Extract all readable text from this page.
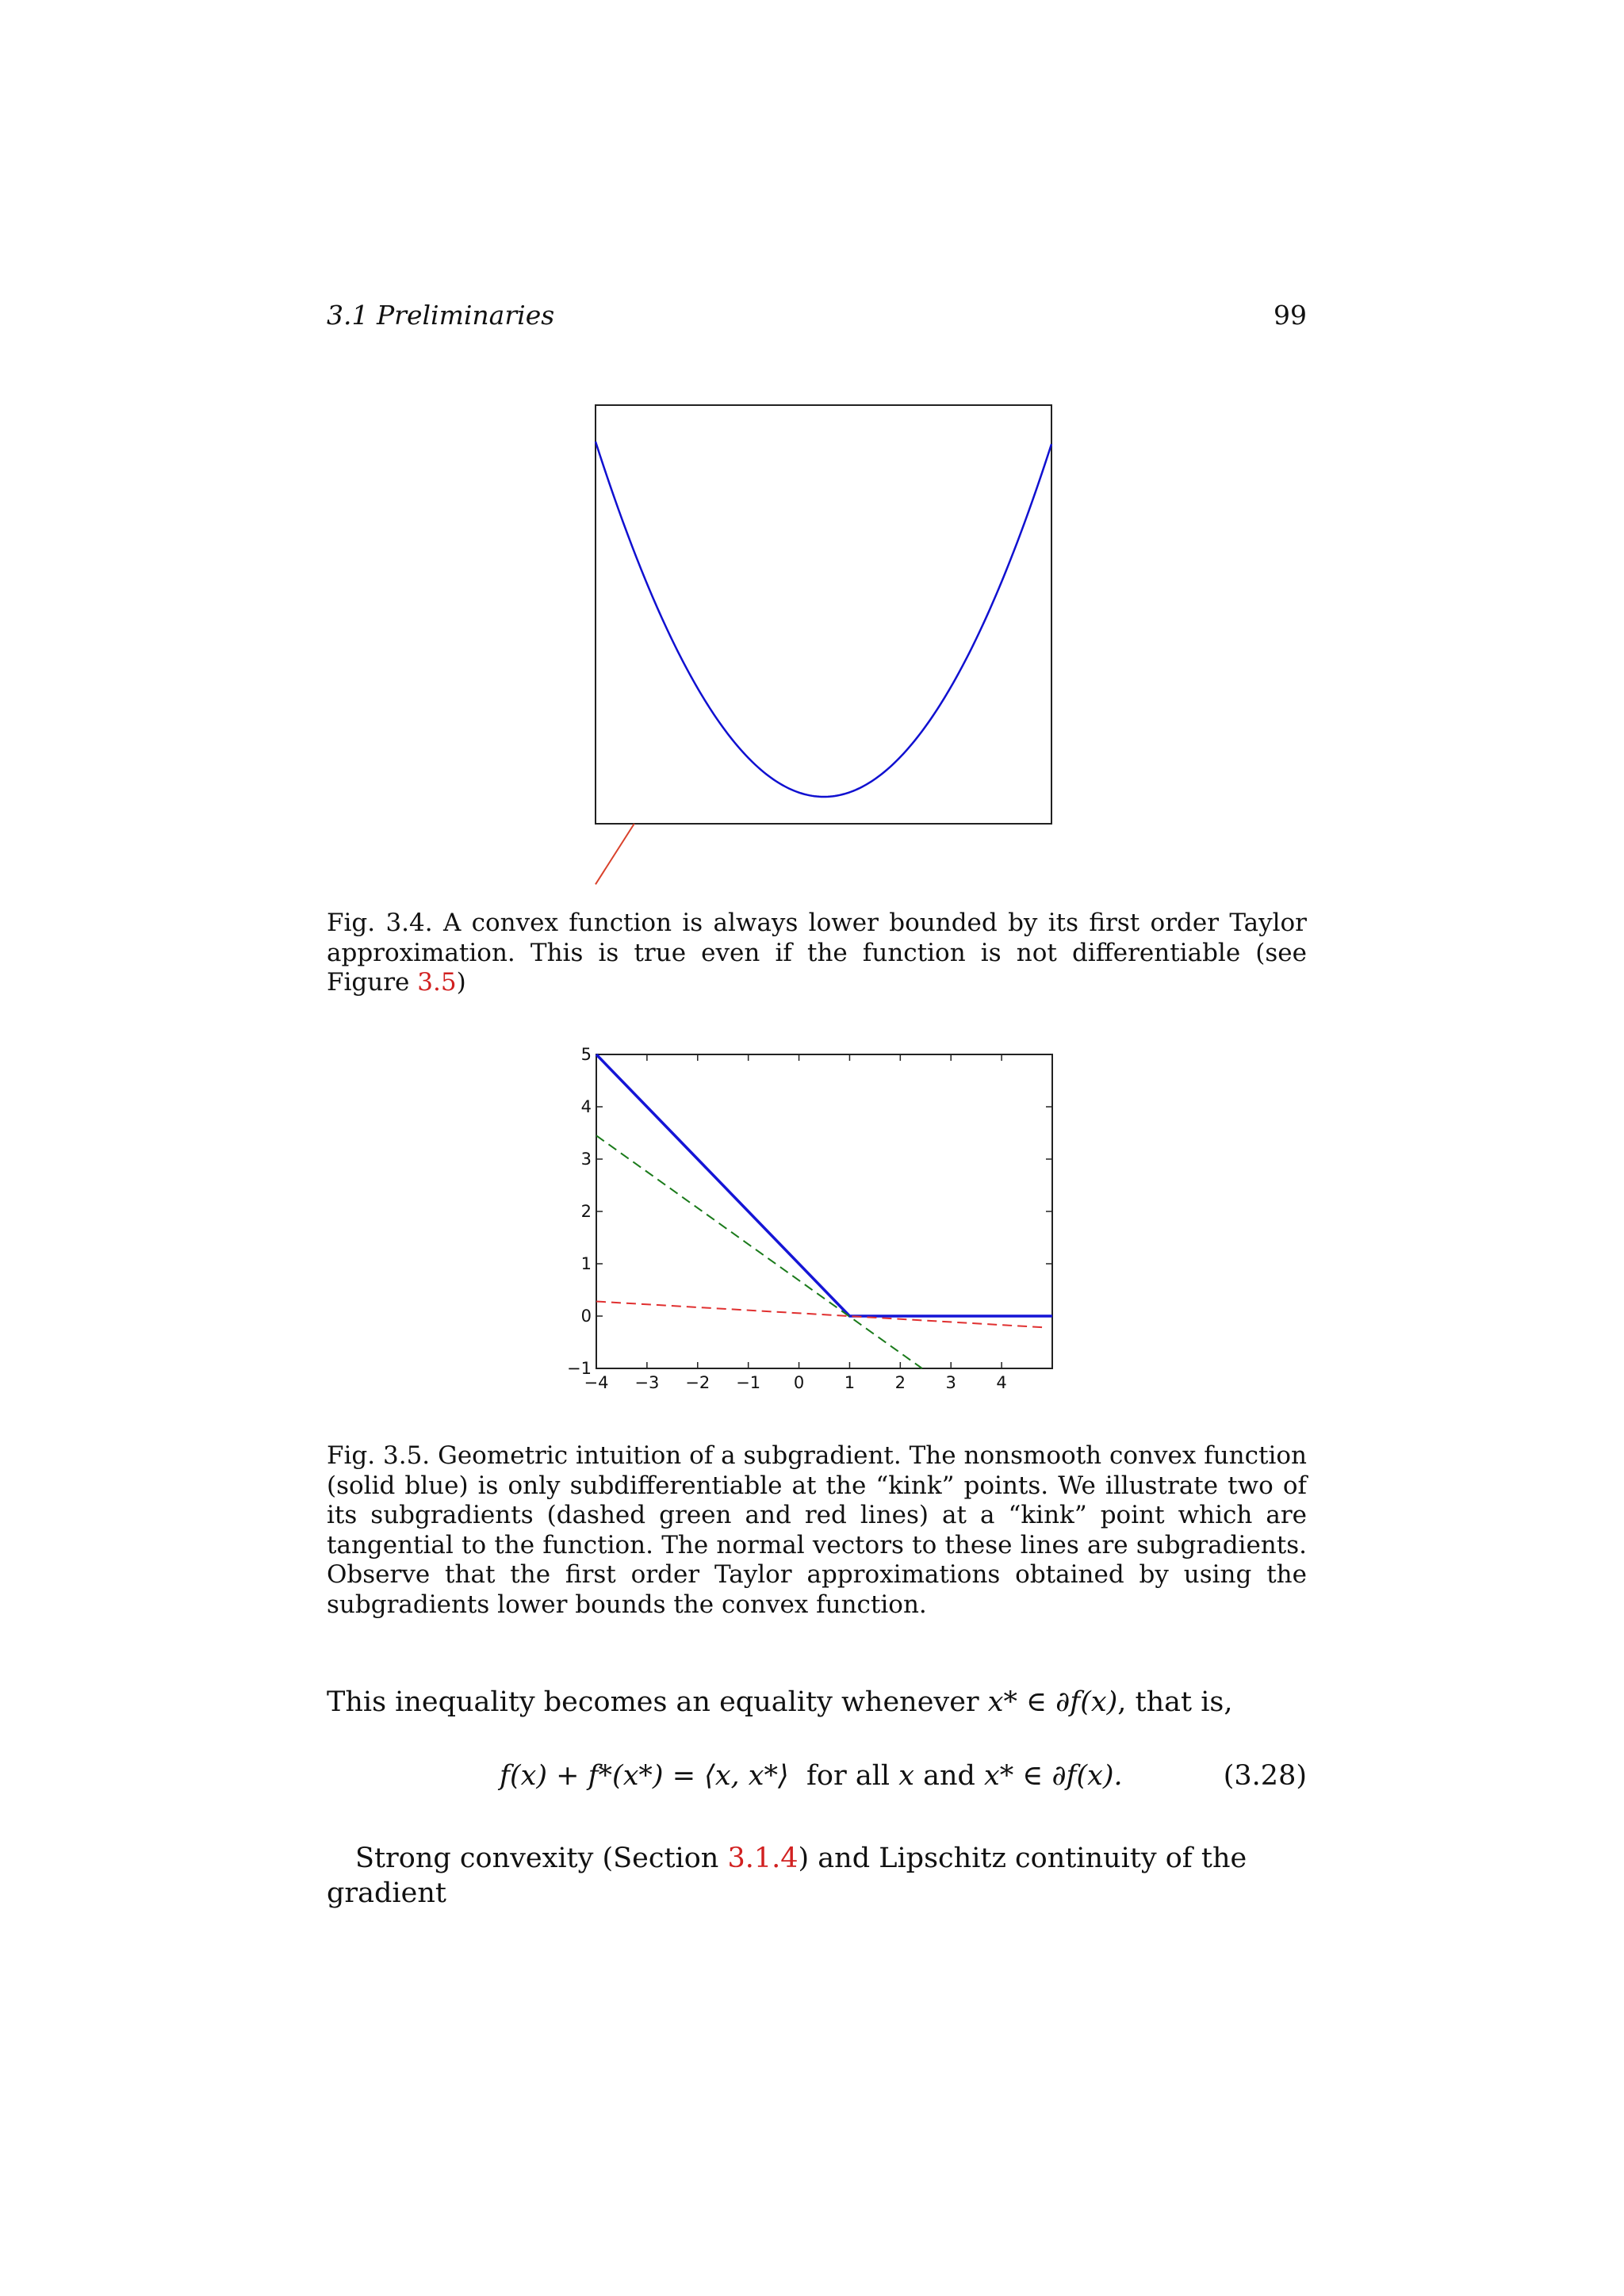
3.1 Preliminaries	99

Fig. 3.4. A convex function is always lower bounded by its first order Taylor approximation. This is true even if the function is not differentiable (see Figure 3.5)

−4 −3 −2 −1 0 1 2 3 4
−1
0
1
2
3
4
5

Fig. 3.5. Geometric intuition of a subgradient. The nonsmooth convex function (solid blue) is only subdifferentiable at the “kink” points. We illustrate two of its subgradients (dashed green and red lines) at a “kink” point which are tangential to the function. The normal vectors to these lines are subgradients. Observe that the first order Taylor approximations obtained by using the subgradients lower bounds the convex function.

This inequality becomes an equality whenever x* ∈ ∂f(x), that is,

f(x) + f*(x*) = ⟨x, x*⟩  for all x and x* ∈ ∂f(x).	(3.28)

Strong convexity (Section 3.1.4) and Lipschitz continuity of the gradient
